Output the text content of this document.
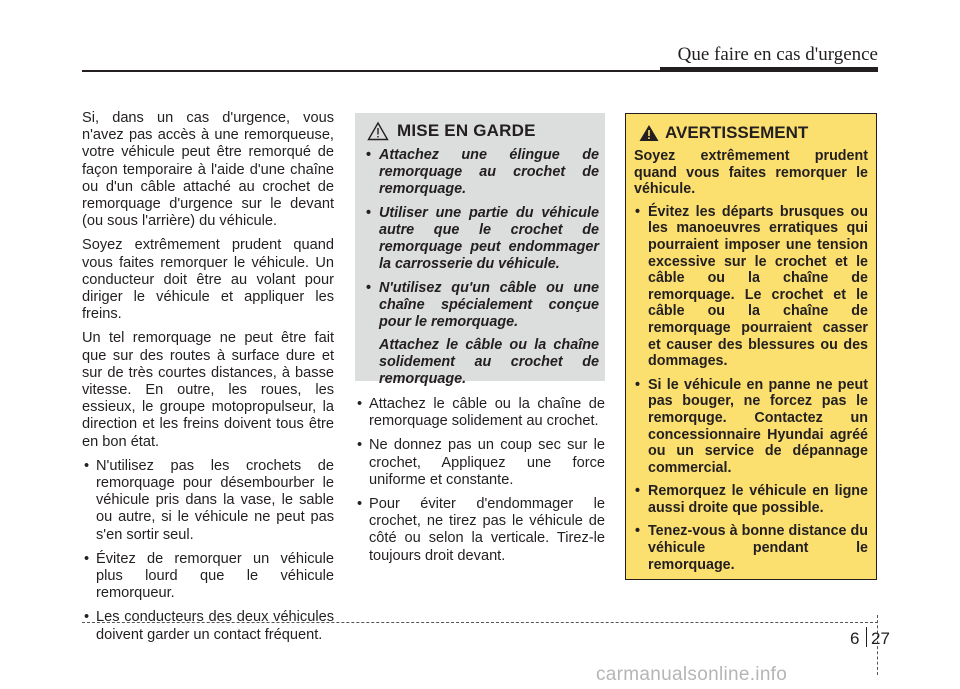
Que faire en cas d'urgence

Si, dans un cas d'urgence, vous n'avez pas accès à une remorqueuse, votre véhicule peut être remorqué de façon temporaire à l'aide d'une chaîne ou d'un câble attaché au crochet de remorquage d'urgence sur le devant (ou sous l'arrière) du véhicule.

Soyez extrêmement prudent quand vous faites remorquer le véhicule. Un conducteur doit être au volant pour diriger le véhicule et appliquer les freins.

Un tel remorquage ne peut être fait que sur des routes à surface dure et sur de très courtes distances, à basse vitesse. En outre, les roues, les essieux, le groupe motopropulseur, la direction et les freins doivent tous être en bon état.

• N'utilisez pas les crochets de remorquage pour désembourber le véhicule pris dans la vase, le sable ou autre, si le véhicule ne peut pas s'en sortir seul.
• Évitez de remorquer un véhicule plus lourd que le véhicule remorqueur.
• Les conducteurs des deux véhicules doivent garder un contact fréquent.
MISE EN GARDE
• Attachez une élingue de remorquage au crochet de remorquage.
• Utiliser une partie du véhicule autre que le crochet de remorquage peut endommager la carrosserie du véhicule.
• N'utilisez qu'un câble ou une chaîne spécialement conçue pour le remorquage.
Attachez le câble ou la chaîne solidement au crochet de remorquage.
• Attachez le câble ou la chaîne de remorquage solidement au crochet.
• Ne donnez pas un coup sec sur le crochet, Appliquez une force uniforme et constante.
• Pour éviter d'endommager le crochet, ne tirez pas le véhicule de côté ou selon la verticale. Tirez-le toujours droit devant.
AVERTISSEMENT

Soyez extrêmement prudent quand vous faites remorquer le véhicule.

• Évitez les départs brusques ou les manoeuvres erratiques qui pourraient imposer une tension excessive sur le crochet et le câble ou la chaîne de remorquage. Le crochet et le câble ou la chaîne de remorquage pourraient casser et causer des blessures ou des dommages.
• Si le véhicule en panne ne peut pas bouger, ne forcez pas le remorquge. Contactez un concessionnaire Hyundai agréé ou un service de dépannage commercial.
• Remorquez le véhicule en ligne aussi droite que possible.
• Tenez-vous à bonne distance du véhicule pendant le remorquage.
6 27
carmanualsonline.info
